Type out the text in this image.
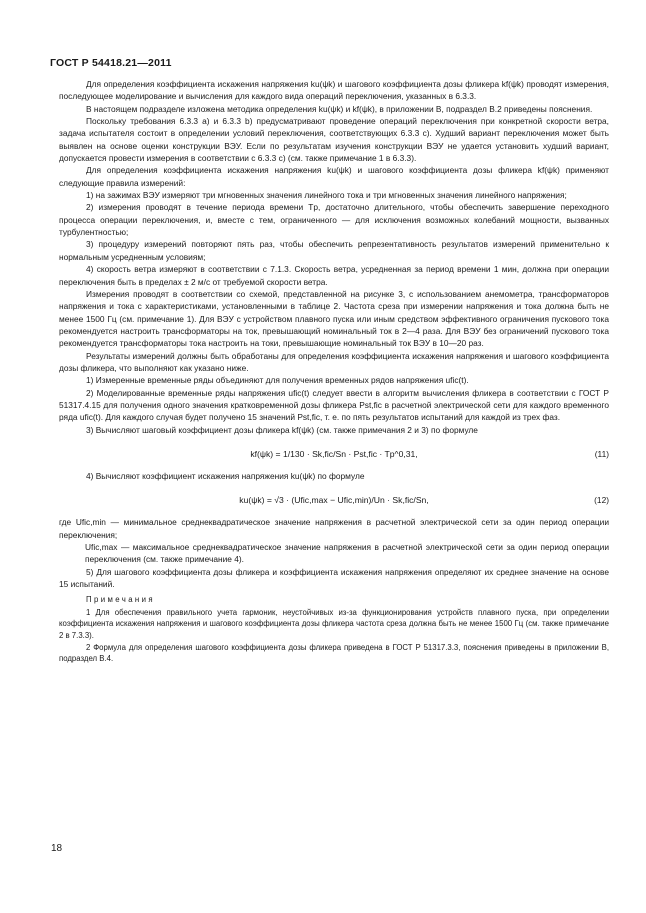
ГОСТ Р 54418.21—2011

Для определения коэффициента искажения напряжения ku(ψk) и шагового коэффициента дозы фликера kf(ψk) проводят измерения, последующее моделирование и вычисления для каждого вида операций переключения, указанных в 6.3.3.

В настоящем подразделе изложена методика определения ku(ψk) и kf(ψk), в приложении В, подраздел В.2 приведены пояснения.

Поскольку требования 6.3.3 а) и 6.3.3 b) предусматривают проведение операций переключения при конкретной скорости ветра, задача испытателя состоит в определении условий переключения, соответствующих 6.3.3 с). Худший вариант переключения может быть выявлен на основе оценки конструкции ВЭУ. Если по результатам изучения конструкции ВЭУ не удается установить худший вариант, допускается провести измерения в соответствии с 6.3.3 с) (см. также примечание 1 в 6.3.3).

Для определения коэффициента искажения напряжения ku(ψk) и шагового коэффициента дозы фликера kf(ψk) применяют следующие правила измерений:

1) на зажимах ВЭУ измеряют три мгновенных значения линейного тока и три мгновенных значения линейного напряжения;

2) измерения проводят в течение периода времени Tp, достаточно длительного, чтобы обеспечить завершение переходного процесса операции переключения, и, вместе с тем, ограниченного — для исключения возможных колебаний мощности, вызванных турбулентностью;

3) процедуру измерений повторяют пять раз, чтобы обеспечить репрезентативность результатов измерений применительно к нормальным усредненным условиям;

4) скорость ветра измеряют в соответствии с 7.1.3. Скорость ветра, усредненная за период времени 1 мин, должна при операции переключения быть в пределах ± 2 м/с от требуемой скорости ветра.

Измерения проводят в соответствии со схемой, представленной на рисунке 3, с использованием анемометра, трансформаторов напряжения и тока с характеристиками, установленными в таблице 2. Частота среза при измерении напряжения и тока должна быть не менее 1500 Гц (см. примечание 1). Для ВЭУ с устройством плавного пуска или иным средством эффективного ограничения пускового тока рекомендуется настроить трансформаторы на ток, превышающий номинальный ток в 2—4 раза. Для ВЭУ без ограничений пускового тока рекомендуется трансформаторы тока настроить на токи, превышающие номинальный ток ВЭУ в 10—20 раз.

Результаты измерений должны быть обработаны для определения коэффициента искажения напряжения и шагового коэффициента дозы фликера, что выполняют как указано ниже.

1) Измеренные временные ряды объединяют для получения временных рядов напряжения ufic(t).

2) Моделированные временные ряды напряжения ufic(t) следует ввести в алгоритм вычисления фликера в соответствии с ГОСТ Р 51317.4.15 для получения одного значения кратковременной дозы фликера Pst,fic в расчетной электрической сети для каждого временного ряда ufic(t). Для каждого случая будет получено 15 значений Pst,fic, т. е. по пять результатов испытаний для каждой из трех фаз.

3) Вычисляют шаговый коэффициент дозы фликера kf(ψk) (см. также примечания 2 и 3) по формуле

kf(ψk) = 1/130 · Sk,fic/Sn · Pst,fic · Tp^0,31,	(11)

4) Вычисляют коэффициент искажения напряжения ku(ψk) по формуле

ku(ψk) = √3 · (Ufic,max − Ufic,min)/Un · Sk,fic/Sn,	(12)

где Ufic,min — минимальное среднеквадратическое значение напряжения в расчетной электрической сети за один период операции переключения;

Ufic,max — максимальное среднеквадратическое значение напряжения в расчетной электрической сети за один период операции переключения (см. также примечание 4).

5) Для шагового коэффициента дозы фликера и коэффициента искажения напряжения определяют их среднее значение на основе 15 испытаний.

Примечания

1 Для обеспечения правильного учета гармоник, неустойчивых из-за функционирования устройств плавного пуска, при определении коэффициента искажения напряжения и шагового коэффициента дозы фликера частота среза должна быть не менее 1500 Гц (см. также примечание 2 в 7.3.3).

2 Формула для определения шагового коэффициента дозы фликера приведена в ГОСТ Р 51317.3.3, пояснения приведены в приложении В, подраздел В.4.

18
